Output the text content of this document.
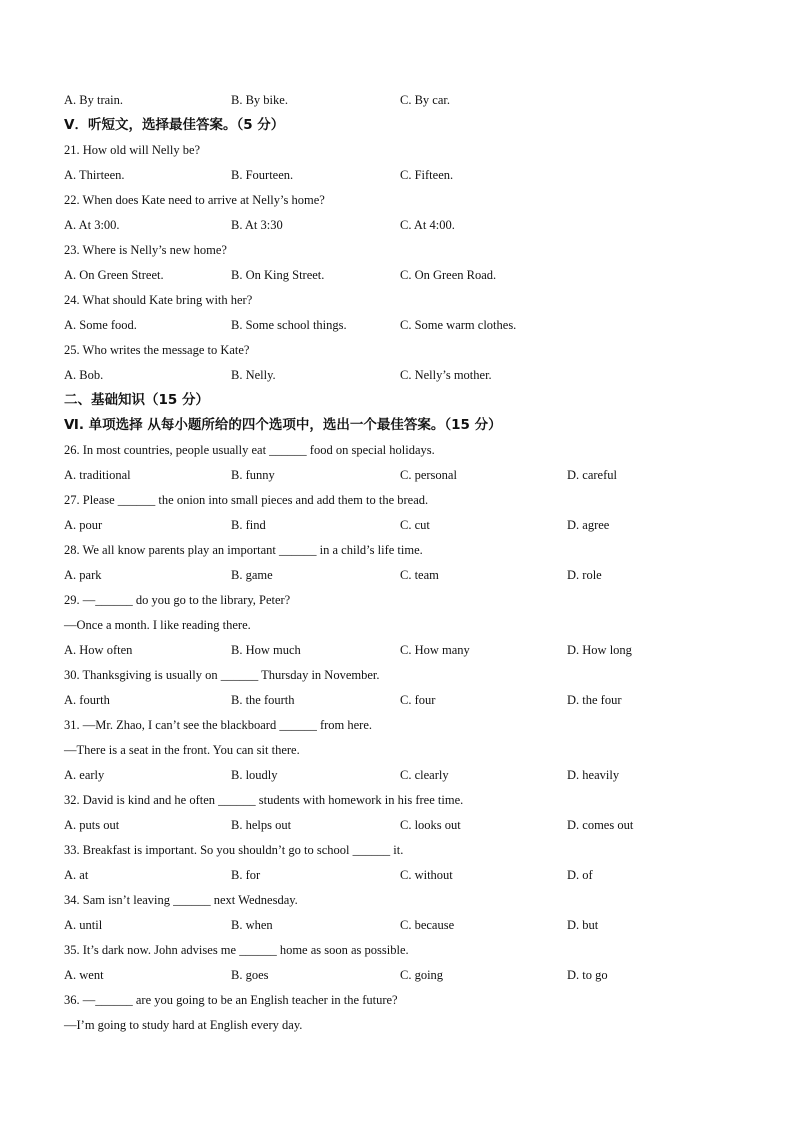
A. By train.	B. By bike.	C. By car.
Ⅴ．听短文，选择最佳答案。（5 分）
21. How old will Nelly be?
A. Thirteen.	B. Fourteen.	C. Fifteen.
22. When does Kate need to arrive at Nelly’s home?
A. At 3:00.	B. At 3:30	C. At 4:00.
23. Where is Nelly’s new home?
A. On Green Street.	B. On King Street.	C. On Green Road.
24. What should Kate bring with her?
A. Some food.	B. Some school things.	C. Some warm clothes.
25. Who writes the message to Kate?
A. Bob.	B. Nelly.	C. Nelly’s mother.
二、基础知识（15 分）
Ⅵ. 单项选择 从每小题所给的四个选项中，选出一个最佳答案。（15 分）
26. In most countries, people usually eat ______ food on special holidays.
A. traditional	B. funny	C. personal	D. careful
27. Please ______ the onion into small pieces and add them to the bread.
A. pour	B. find	C. cut	D. agree
28. We all know parents play an important ______ in a child’s life time.
A. park	B. game	C. team	D. role
29. —______ do you go to the library, Peter?
—Once a month. I like reading there.
A. How often	B. How much	C. How many	D. How long
30. Thanksgiving is usually on ______ Thursday in November.
A. fourth	B. the fourth	C. four	D. the four
31. —Mr. Zhao, I can’t see the blackboard ______ from here.
—There is a seat in the front. You can sit there.
A. early	B. loudly	C. clearly	D. heavily
32. David is kind and he often ______ students with homework in his free time.
A. puts out	B. helps out	C. looks out	D. comes out
33. Breakfast is important. So you shouldn’t go to school ______ it.
A. at	B. for	C. without	D. of
34. Sam isn’t leaving ______ next Wednesday.
A. until	B. when	C. because	D. but
35. It’s dark now. John advises me ______ home as soon as possible.
A. went	B. goes	C. going	D. to go
36. —______ are you going to be an English teacher in the future?
—I’m going to study hard at English every day.
